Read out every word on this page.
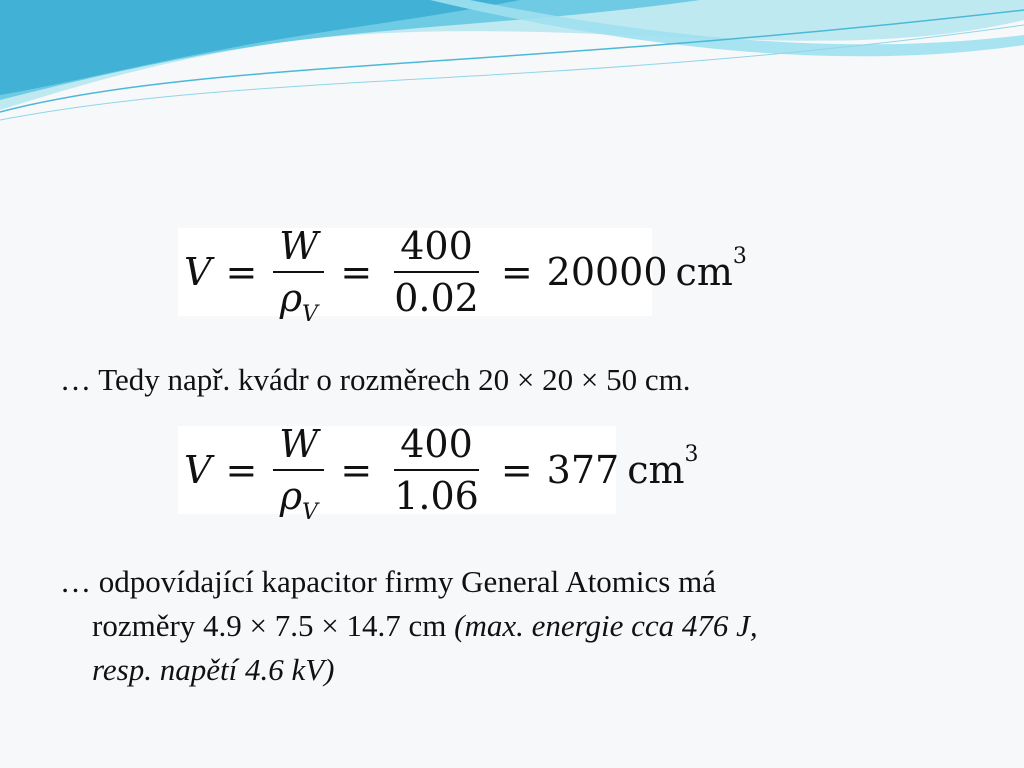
$V = \frac{W}{\rho_V} = \frac{400}{0.02} = 20000$ cm 3
… Tedy např. kvádr o rozměrech 20 × 20 × 50 cm.
$V = \frac{W}{\rho_V} = \frac{400}{1.06} = 377$ cm 3
… odpovídající kapacitor firmy General Atomics má
rozměry 4.9 × 7.5 × 14.7 cm (max. energie cca 476 J,
resp. napětí 4.6 kV)
